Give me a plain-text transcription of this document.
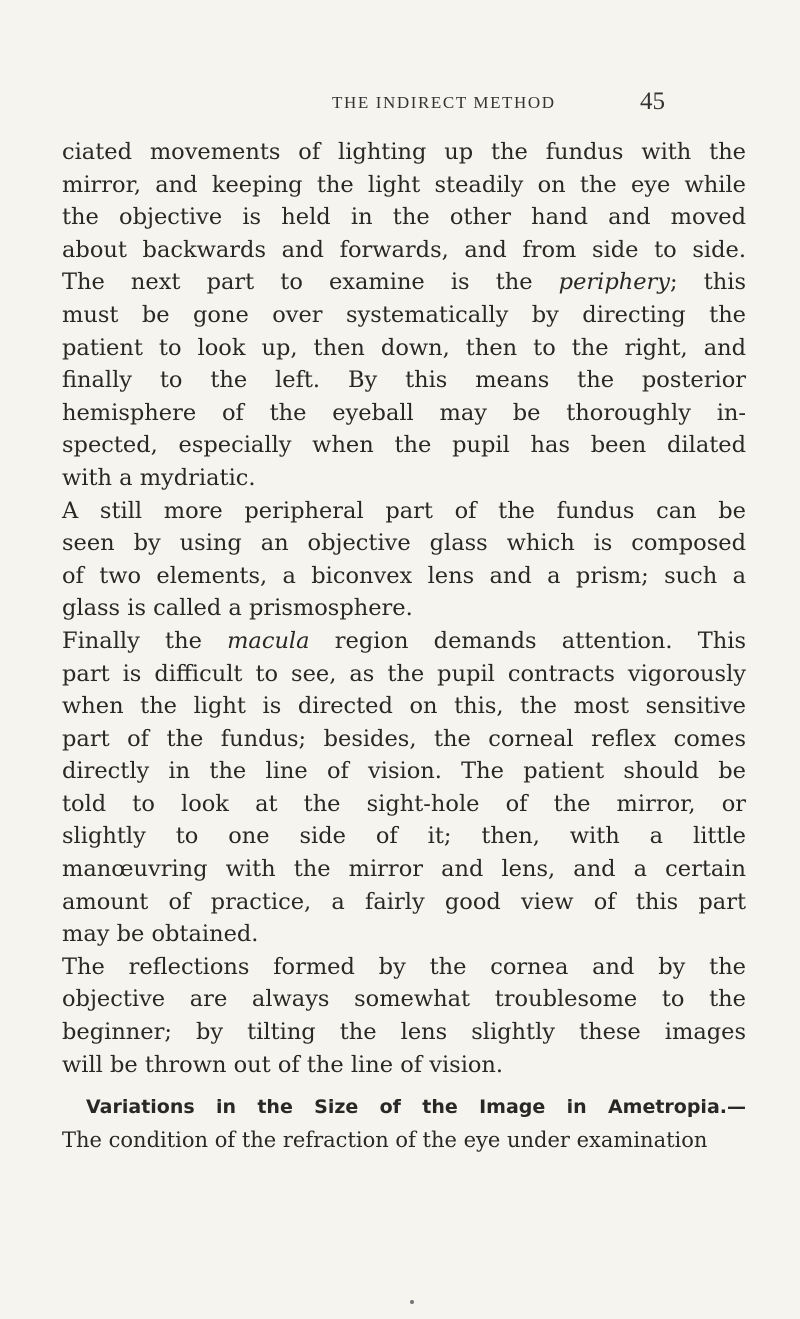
THE INDIRECT METHOD	45
ciated movements of lighting up the fundus with the
mirror, and keeping the light steadily on the eye while
the objective is held in the other hand and moved
about backwards and forwards, and from side to side.
The next part to examine is the periphery; this
must be gone over systematically by directing the
patient to look up, then down, then to the right, and
finally to the left. By this means the posterior
hemisphere of the eyeball may be thoroughly in-
spected, especially when the pupil has been dilated
with a mydriatic.
A still more peripheral part of the fundus can be
seen by using an objective glass which is composed
of two elements, a biconvex lens and a prism; such a
glass is called a prismosphere.
Finally the macula region demands attention. This
part is difficult to see, as the pupil contracts vigorously
when the light is directed on this, the most sensitive
part of the fundus; besides, the corneal reflex comes
directly in the line of vision. The patient should be
told to look at the sight-hole of the mirror, or
slightly to one side of it; then, with a little
manœuvring with the mirror and lens, and a certain
amount of practice, a fairly good view of this part
may be obtained.
The reflections formed by the cornea and by the
objective are always somewhat troublesome to the
beginner; by tilting the lens slightly these images
will be thrown out of the line of vision.
Variations in the Size of the Image in Ametropia.—
The condition of the refraction of the eye under examination
